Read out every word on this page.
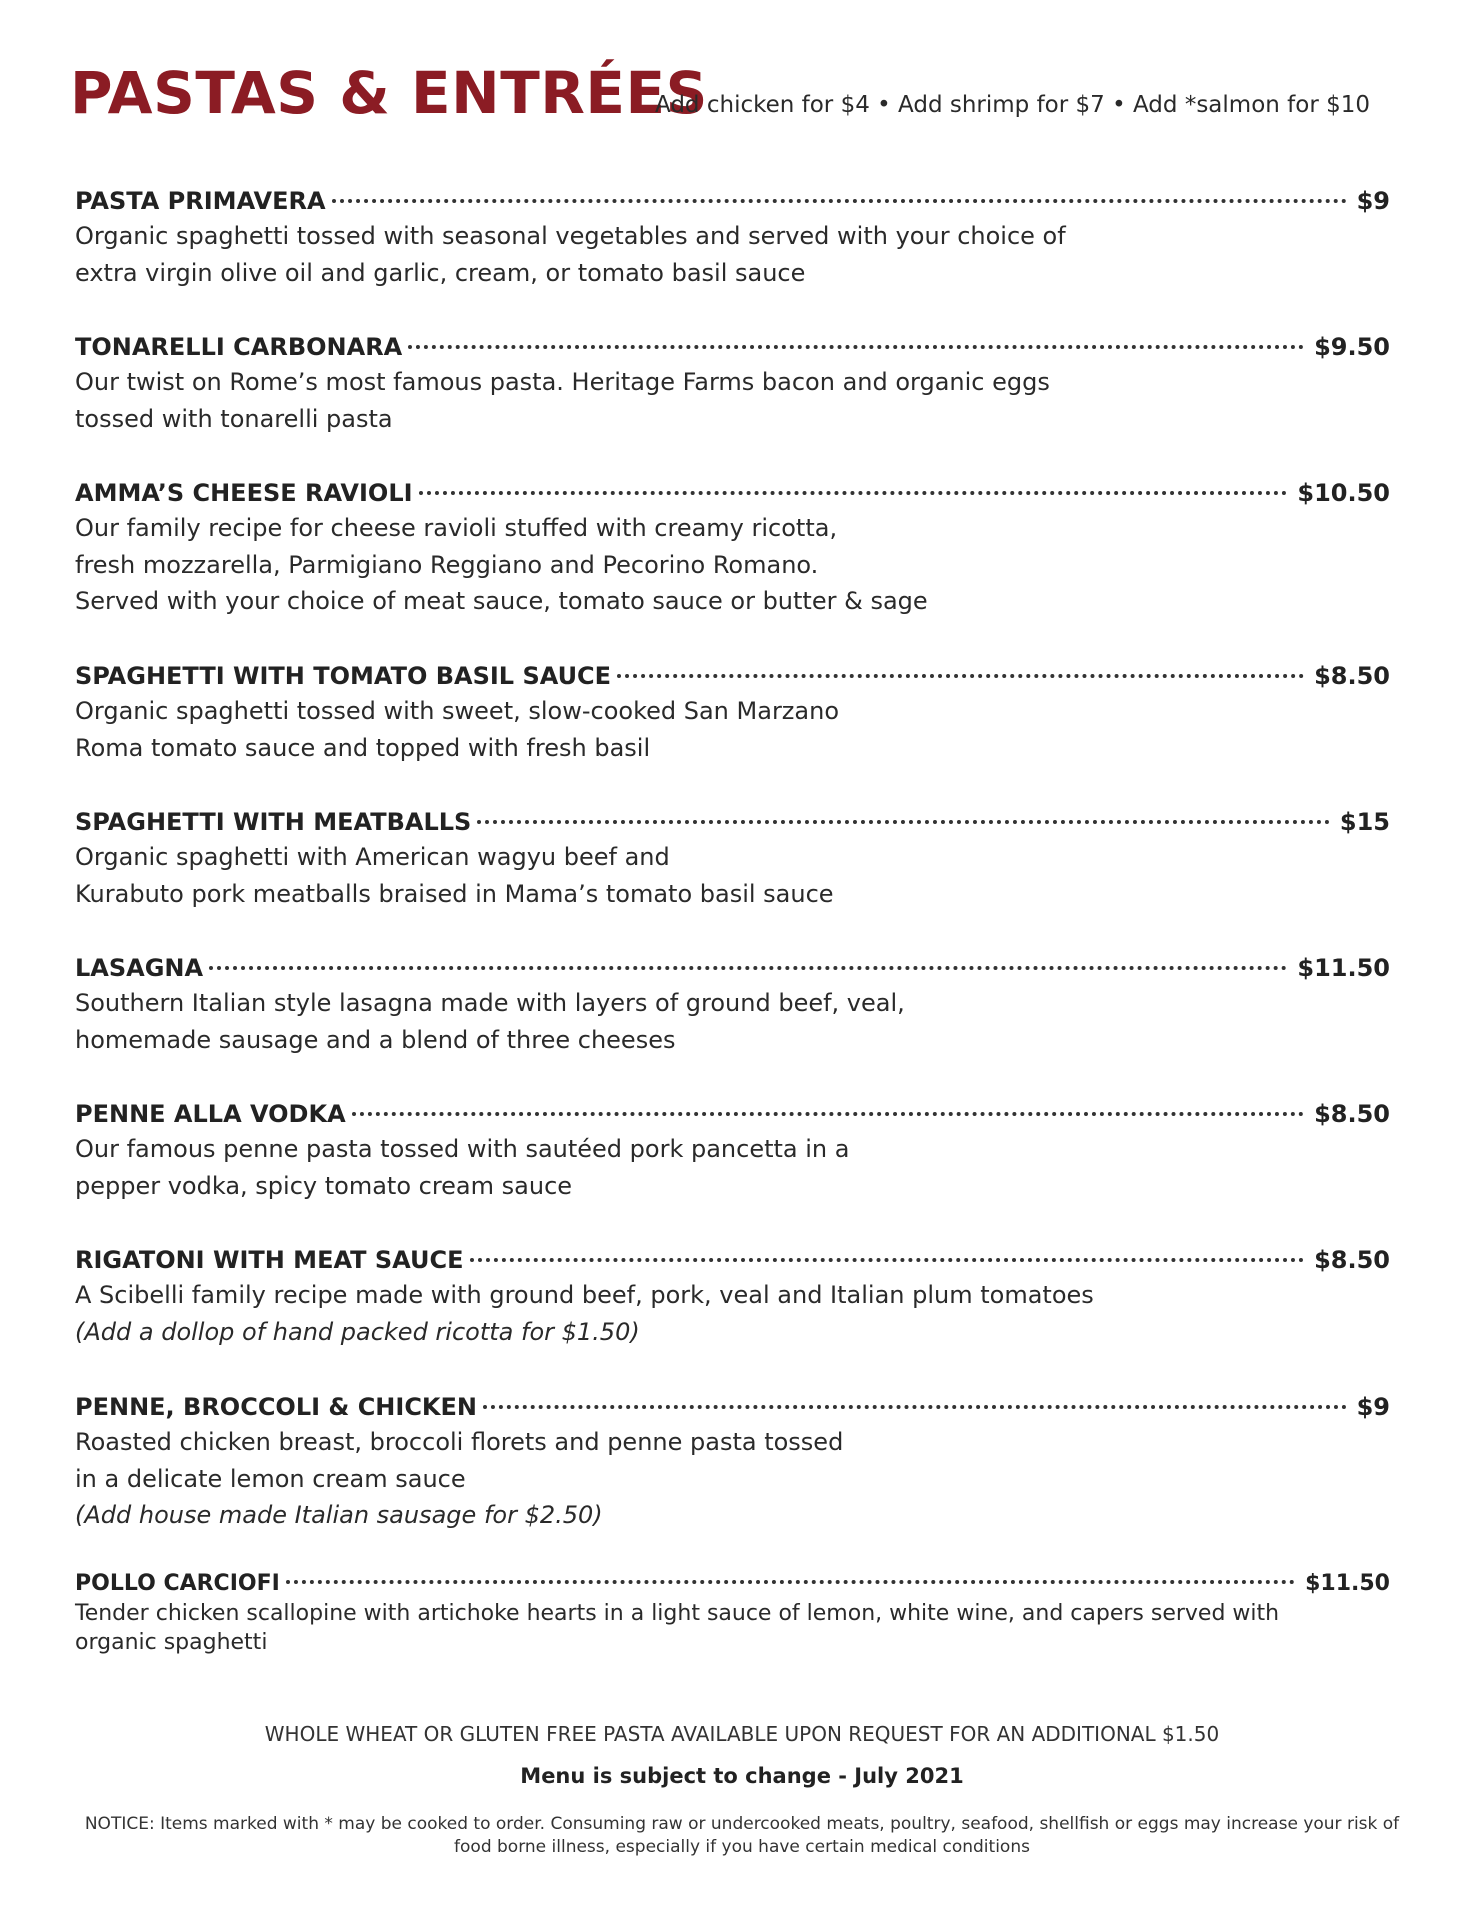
PASTAS & ENTRÉES
Add chicken for $4 • Add shrimp for $7 • Add *salmon for $10
PASTA PRIMAVERA	$9
Organic spaghetti tossed with seasonal vegetables and served with your choice of
extra virgin olive oil and garlic, cream, or tomato basil sauce
TONARELLI CARBONARA	$9.50
Our twist on Rome’s most famous pasta. Heritage Farms bacon and organic eggs
tossed with tonarelli pasta
AMMA’S CHEESE RAVIOLI	$10.50
Our family recipe for cheese ravioli stuffed with creamy ricotta,
fresh mozzarella, Parmigiano Reggiano and Pecorino Romano.
Served with your choice of meat sauce, tomato sauce or butter & sage
SPAGHETTI WITH TOMATO BASIL SAUCE	$8.50
Organic spaghetti tossed with sweet, slow-cooked San Marzano
Roma tomato sauce and topped with fresh basil
SPAGHETTI WITH MEATBALLS	$15
Organic spaghetti with American wagyu beef and
Kurabuto pork meatballs braised in Mama’s tomato basil sauce
LASAGNA	$11.50
Southern Italian style lasagna made with layers of ground beef, veal,
homemade sausage and a blend of three cheeses
PENNE ALLA VODKA	$8.50
Our famous penne pasta tossed with sautéed pork pancetta in a
pepper vodka, spicy tomato cream sauce
RIGATONI WITH MEAT SAUCE	$8.50
A Scibelli family recipe made with ground beef, pork, veal and Italian plum tomatoes
(Add a dollop of hand packed ricotta for $1.50)
PENNE, BROCCOLI & CHICKEN	$9
Roasted chicken breast, broccoli florets and penne pasta tossed
in a delicate lemon cream sauce
(Add house made Italian sausage for $2.50)
POLLO CARCIOFI	$11.50
Tender chicken scallopine with artichoke hearts in a light sauce of lemon, white wine, and capers served with
organic spaghetti
WHOLE WHEAT OR GLUTEN FREE PASTA AVAILABLE UPON REQUEST FOR AN ADDITIONAL $1.50
Menu is subject to change - July 2021
NOTICE: Items marked with * may be cooked to order. Consuming raw or undercooked meats, poultry, seafood, shellfish or eggs may increase your risk of food borne illness, especially if you have certain medical conditions
